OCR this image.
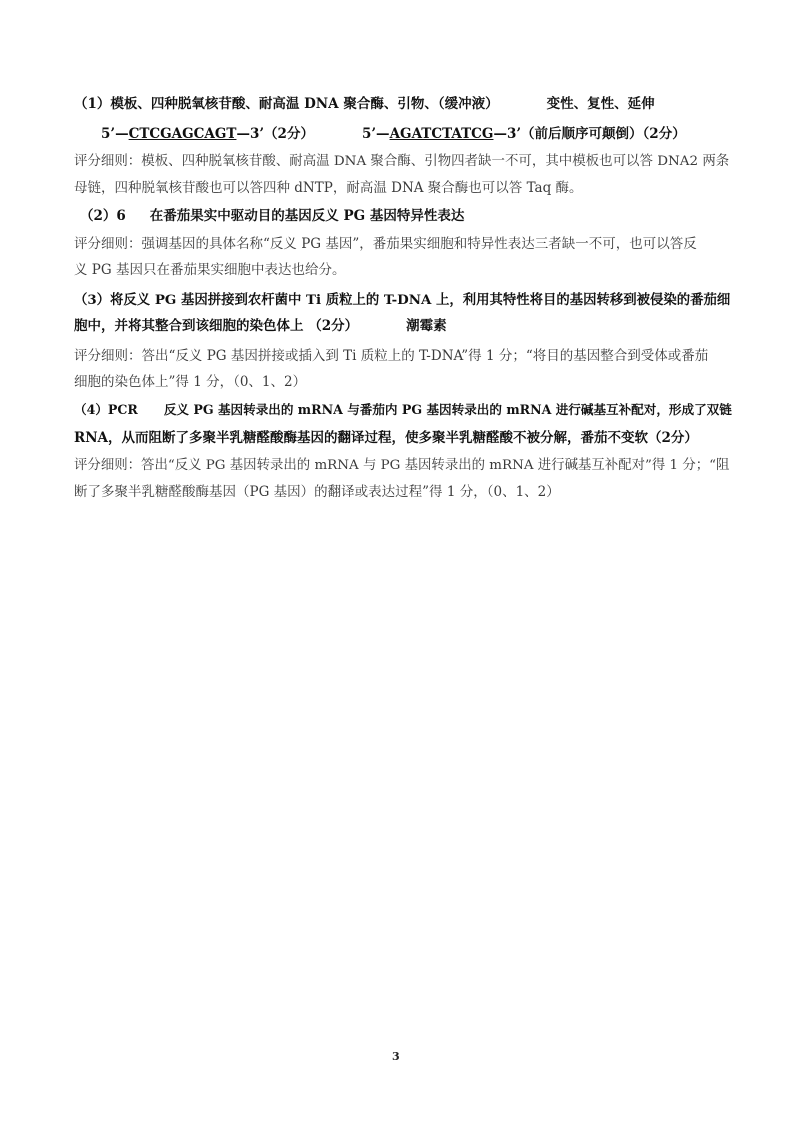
（1）模板、四种脱氧核苷酸、耐高温 DNA 聚合酶、引物、（缓冲液）	变性、复性、延伸
5’—CTCGAGCAGT—3’（2分）	5’—AGATCTATCG—3’（前后顺序可颠倒）（2分）
评分细则：模板、四种脱氧核苷酸、耐高温 DNA 聚合酶、引物四者缺一不可，其中模板也可以答 DNA2 两条
母链，四种脱氧核苷酸也可以答四种 dNTP，耐高温 DNA 聚合酶也可以答 Taq 酶。
（2）6 在番茄果实中驱动目的基因反义 PG 基因特异性表达
评分细则：强调基因的具体名称“反义 PG 基因”，番茄果实细胞和特异性表达三者缺一不可，也可以答反
义 PG 基因只在番茄果实细胞中表达也给分。
（3）将反义 PG 基因拼接到农杆菌中 Ti 质粒上的 T-DNA 上，利用其特性将目的基因转移到被侵染的番茄细
胞中，并将其整合到该细胞的染色体上 （2分）	潮霉素
评分细则：答出“反义 PG 基因拼接或插入到 Ti 质粒上的 T-DNA”得 1 分；“将目的基因整合到受体或番茄
细胞的染色体上”得 1 分，（0、1、2）
（4）PCR 反义 PG 基因转录出的 mRNA 与番茄内 PG 基因转录出的 mRNA 进行碱基互补配对，形成了双链
RNA，从而阻断了多聚半乳糖醛酸酶基因的翻译过程，使多聚半乳糖醛酸不被分解，番茄不变软（2分）
评分细则：答出“反义 PG 基因转录出的 mRNA 与 PG 基因转录出的 mRNA 进行碱基互补配对”得 1 分；“阻
断了多聚半乳糖醛酸酶基因（PG 基因）的翻译或表达过程”得 1 分，（0、1、2）
3
